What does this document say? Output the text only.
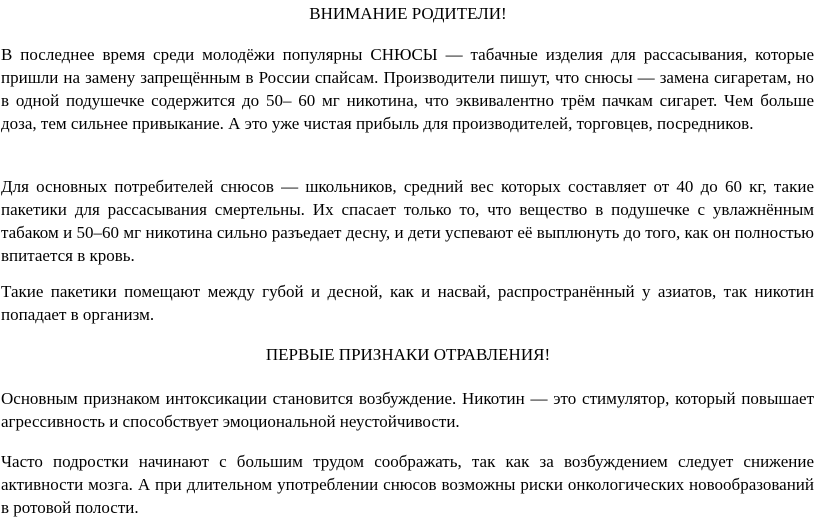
ВНИМАНИЕ РОДИТЕЛИ!

В последнее время среди молодёжи популярны СНЮСЫ — табачные изделия для рассасывания, которые пришли на замену запрещённым в России спайсам. Производители пишут, что снюсы — замена сигаретам, но в одной подушечке содержится до 50– 60 мг никотина, что эквивалентно трём пачкам сигарет. Чем больше доза, тем сильнее привыкание. А это уже чистая прибыль для производителей, торговцев, посредников.

Для основных потребителей снюсов — школьников, средний вес которых составляет от 40 до 60 кг, такие пакетики для рассасывания смертельны. Их спасает только то, что вещество в подушечке с увлажнённым табаком и 50–60 мг никотина сильно разъедает десну, и дети успевают её выплюнуть до того, как он полностью впитается в кровь.

Такие пакетики помещают между губой и десной, как и насвай, распространённый у азиатов, так никотин попадает в организм.

ПЕРВЫЕ ПРИЗНАКИ ОТРАВЛЕНИЯ!

Основным признаком интоксикации становится возбуждение. Никотин — это стимулятор, который повышает агрессивность и способствует эмоциональной неустойчивости.

Часто подростки начинают с большим трудом соображать, так как за возбуждением следует снижение активности мозга. А при длительном употреблении снюсов возможны риски онкологических новообразований в ротовой полости.
